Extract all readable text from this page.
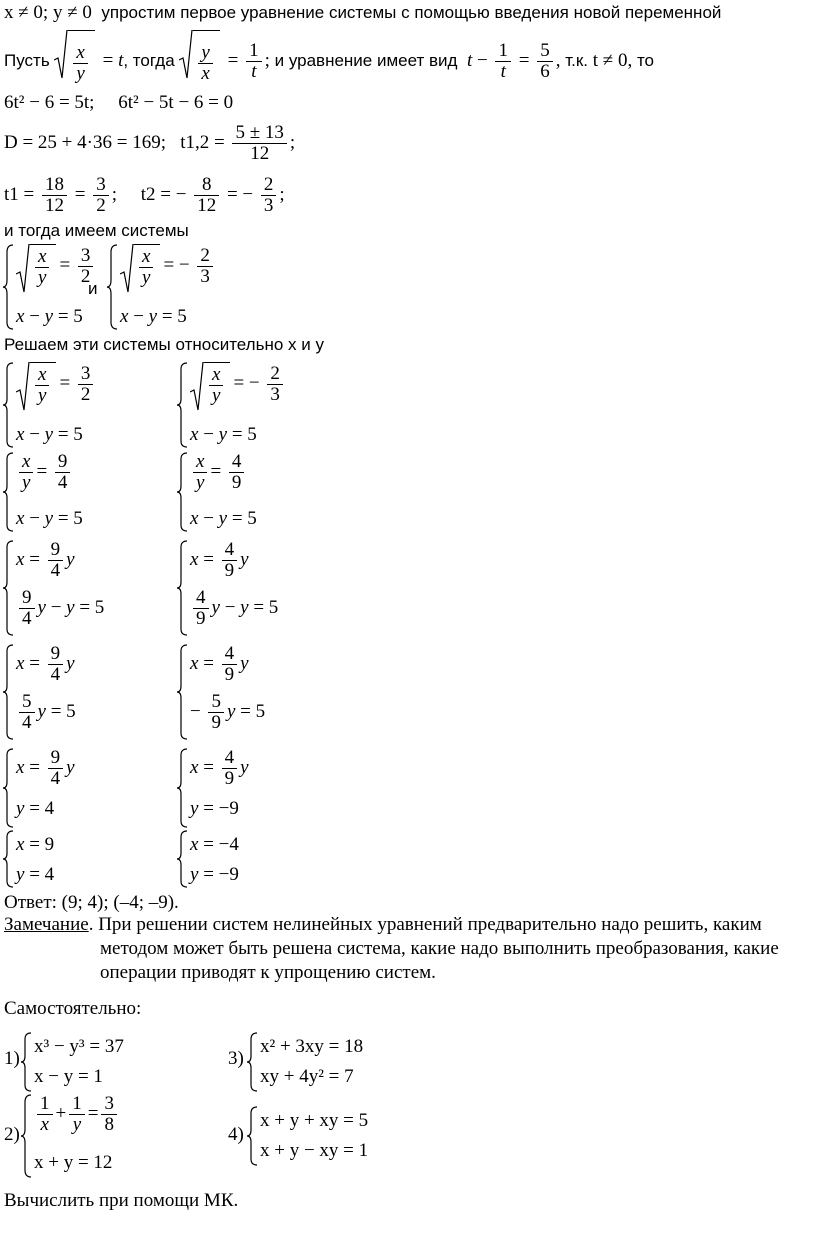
x ≠ 0; y ≠ 0 упростим первое уравнение системы с помощью введения новой переменной
Пусть $\frac{x}{y} = t$, тогда $\frac{y}{x} = \frac{1}{t}$ ; и уравнение имеет вид $t - \frac{1}{t} = \frac{5}{6}$ , т.к. t ≠ 0, то
6t² − 6 = 5t; 6t² − 5t − 6 = 0
D = 25 + 4·36 = 169; $t1,2 = \frac{5 \pm 13}{12}$ ;
$t1 = \frac{18}{12} = \frac{3}{2}$ ;     t2 = − $\frac{8}{12}$ = − $\frac{2}{3}$ ;
и тогда имеем системы
$\frac{x}{y} = \frac{3}{2}$
x − y = 5
и
$\frac{x}{y}$ = − $\frac{2}{3}$
x − y = 5
Решаем эти системы относительно x и y
$\frac{x}{y} = \frac{3}{2}$
x − y = 5
$\frac{x}{y}$ = − $\frac{2}{3}$
x − y = 5
$\frac{x}{y} = \frac{9}{4}$
x − y = 5
$\frac{x}{y} = \frac{4}{9}$
x − y = 5
$x = \frac{9}{4}$ y
$\frac{9}{4}$ y − y = 5
$x = \frac{4}{9}$ y
$\frac{4}{9}$ y − y = 5
$x = \frac{9}{4}$ y
$\frac{5}{4}$ y = 5
$x = \frac{4}{9}$ y
− $\frac{5}{9}$ y = 5
$x = \frac{9}{4}$ y
y = 4
$x = \frac{4}{9}$ y
y = −9
x = 9
y = 4
x = −4
y = −9
Ответ: (9; 4); (–4; –9).
Замечание. При решении систем нелинейных уравнений предварительно надо решить, каким
методом может быть решена система, какие надо выполнить преобразования, какие
операции приводят к упрощению систем.
Самостоятельно:
1)
x³ − y³ = 37
x − y = 1
3)
x² + 3xy = 18
xy + 4y² = 7
$2) \frac{1}{x} + \frac{1}{y} = \frac{3}{8}$
x + y = 12
4)
x + y + xy = 5
x + y − xy = 1
Вычислить при помощи МК.
